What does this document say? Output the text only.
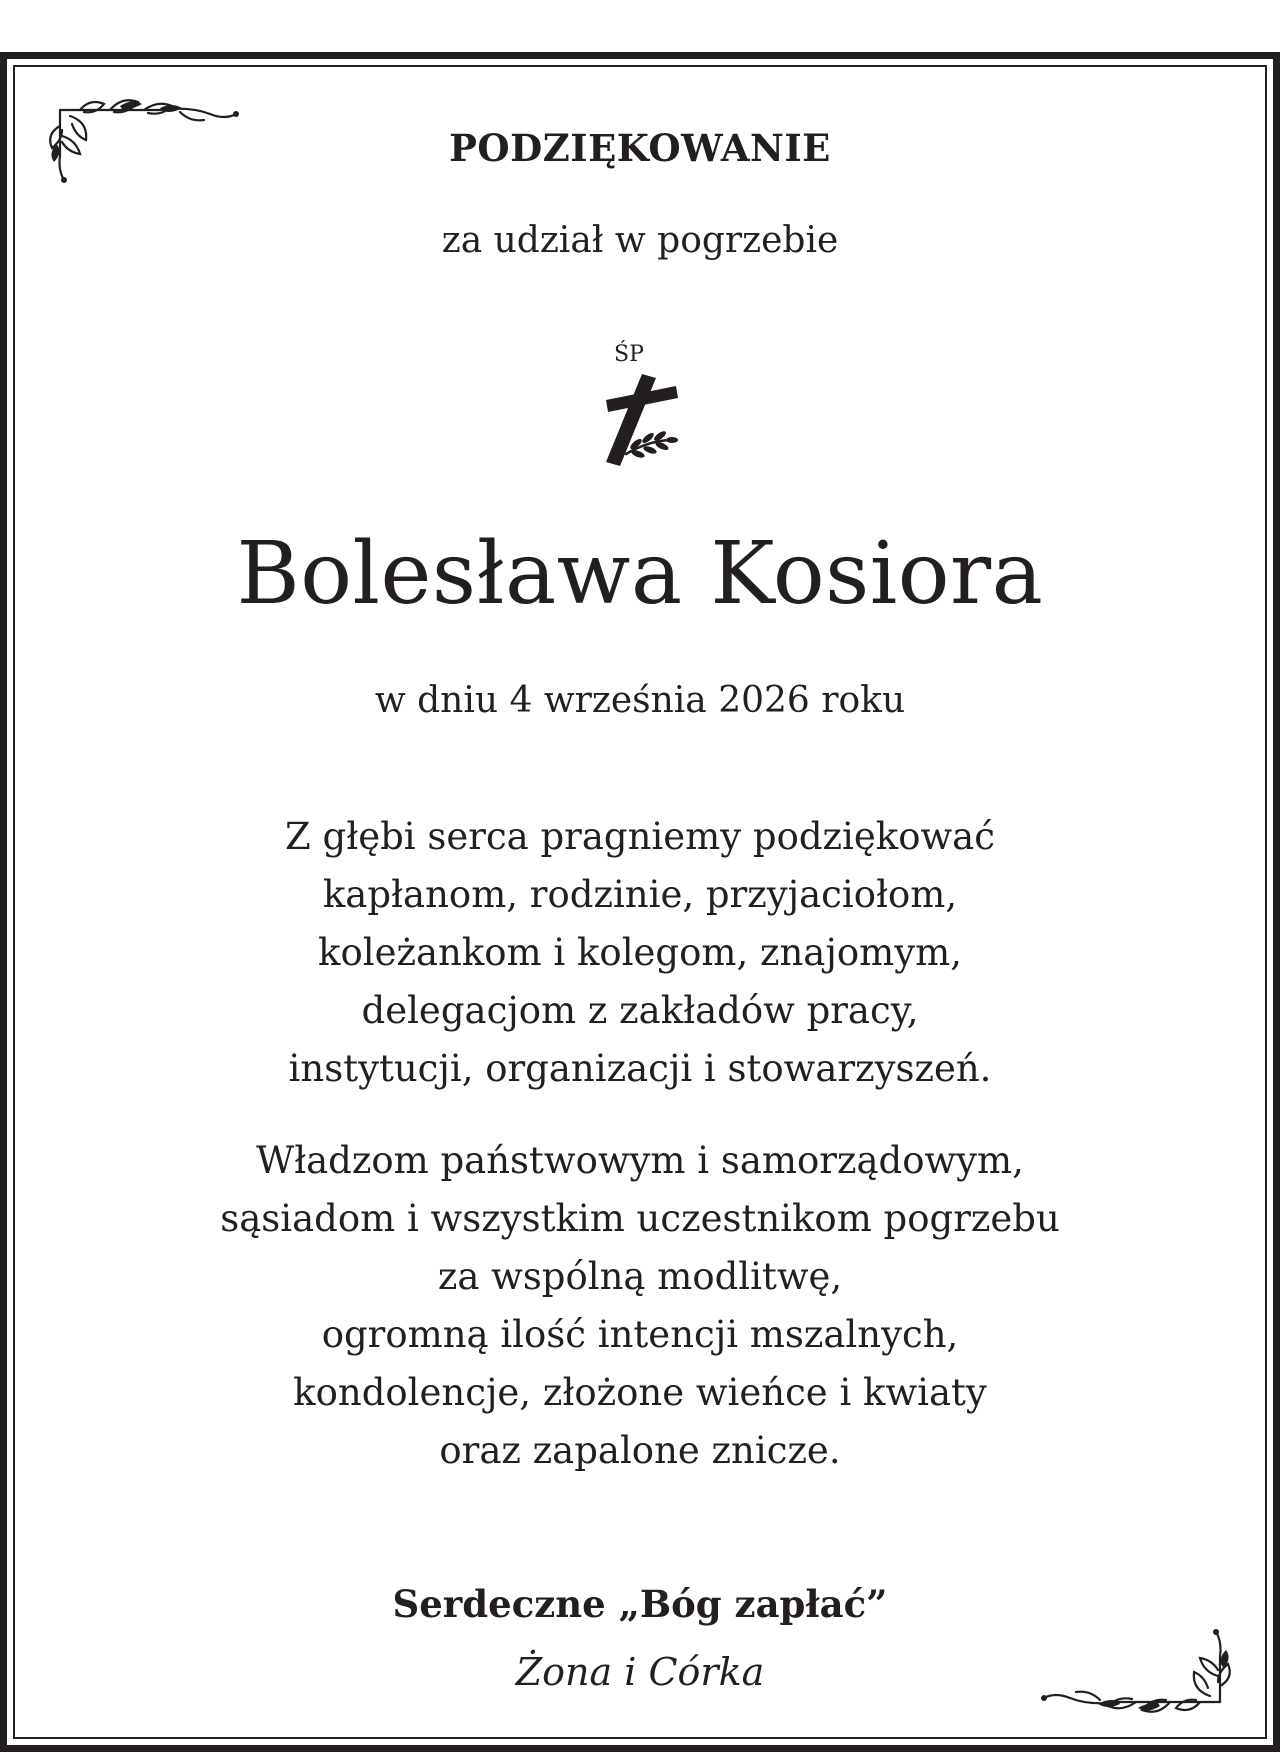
PODZIĘKOWANIE
za udział w pogrzebie
ŚP
Bolesława Kosiora
w dniu 4 września 2026 roku
Z głębi serca pragniemy podziękować
kapłanom, rodzinie, przyjaciołom,
koleżankom i kolegom, znajomym,
delegacjom z zakładów pracy,
instytucji, organizacji i stowarzyszeń.
Władzom państwowym i samorządowym,
sąsiadom i wszystkim uczestnikom pogrzebu
za wspólną modlitwę,
ogromną ilość intencji mszalnych,
kondolencje, złożone wieńce i kwiaty
oraz zapalone znicze.
Serdeczne „Bóg zapłać”
Żona i Córka
